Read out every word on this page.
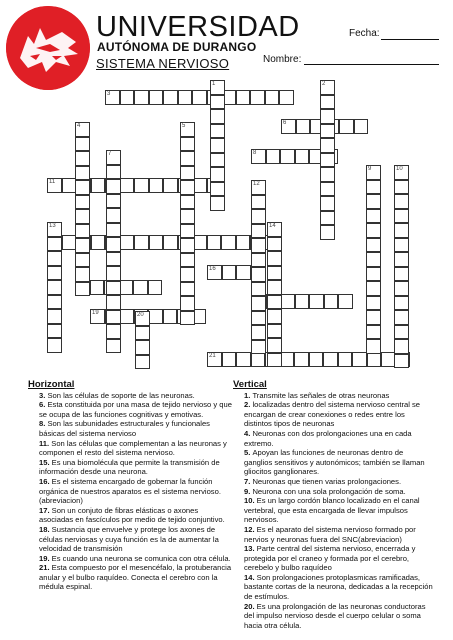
UNIVERSIDAD
AUTÓNOMA DE DURANGO
SISTEMA NERVIOSO
Fecha:
Nombre:
3
6
8
11
16
19
21
1	2
4	5
7
9	10
12
13	14
20
Horizontal
3. Son las células de soporte de las neuronas.
6. Esta constituida por una masa de tejido nervioso y que se ocupa de las funciones cognitivas y emotivas.
8. Son las subunidades estructurales y funcionales básicas del sistema nervioso
11. Son las células que complementan a las neuronas y componen el resto del sistema nervioso.
15. Es una biomolécula que permite la transmisión de información desde una neurona.
16. Es el sistema encargado de gobernar la función orgánica de nuestros aparatos es el sistema nervioso.(abreviacion)
17. Son un conjuto de fibras elásticas o axones asociadas en fascículos por medio de tejido conjuntivo.
18. Sustancia que envuelve y protege los axones de células nerviosas y cuya función es la de aumentar la velocidad de transmisión
19. Es cuando una neurona se comunica con otra célula.
21. Esta compuesto por el mesencéfalo, la protuberancia anular y el bulbo raquídeo. Conecta el cerebro con la médula espinal.
Vertical
1. Transmite las señales de otras neuronas
2. localizadas dentro del sistema nervioso central se encargan de crear conexiones o redes entre los distintos tipos de neuronas
4. Neuronas con dos prolongaciones una en cada extremo.
5. Apoyan las funciones de neuronas dentro de ganglios sensitivos y autonómicos; también se llaman gliocitos ganglionares.
7. Neuronas que tienen varias prolongaciones.
9. Neurona con una sola prolongación de soma.
10. Es un largo cordón blanco localizado en el canal vertebral, que esta encargada de llevar impulsos nerviosos.
12. Es el aparato del sistema nervioso formado por nervios y neuronas fuera del SNC(abreviacion)
13. Parte central del sistema nervioso, encerrada y protegida por el craneo y formada por el cerebro, cerebelo y bulbo raquídeo
14. Son prolongaciones protoplasmicas ramificadas, bastante cortas de la neurona, dedicadas a la recepción de estímulos.
20. Es una prolongación de las neuronas conductoras del impulso nervioso desde el cuerpo celular o soma hacia otra célula.
